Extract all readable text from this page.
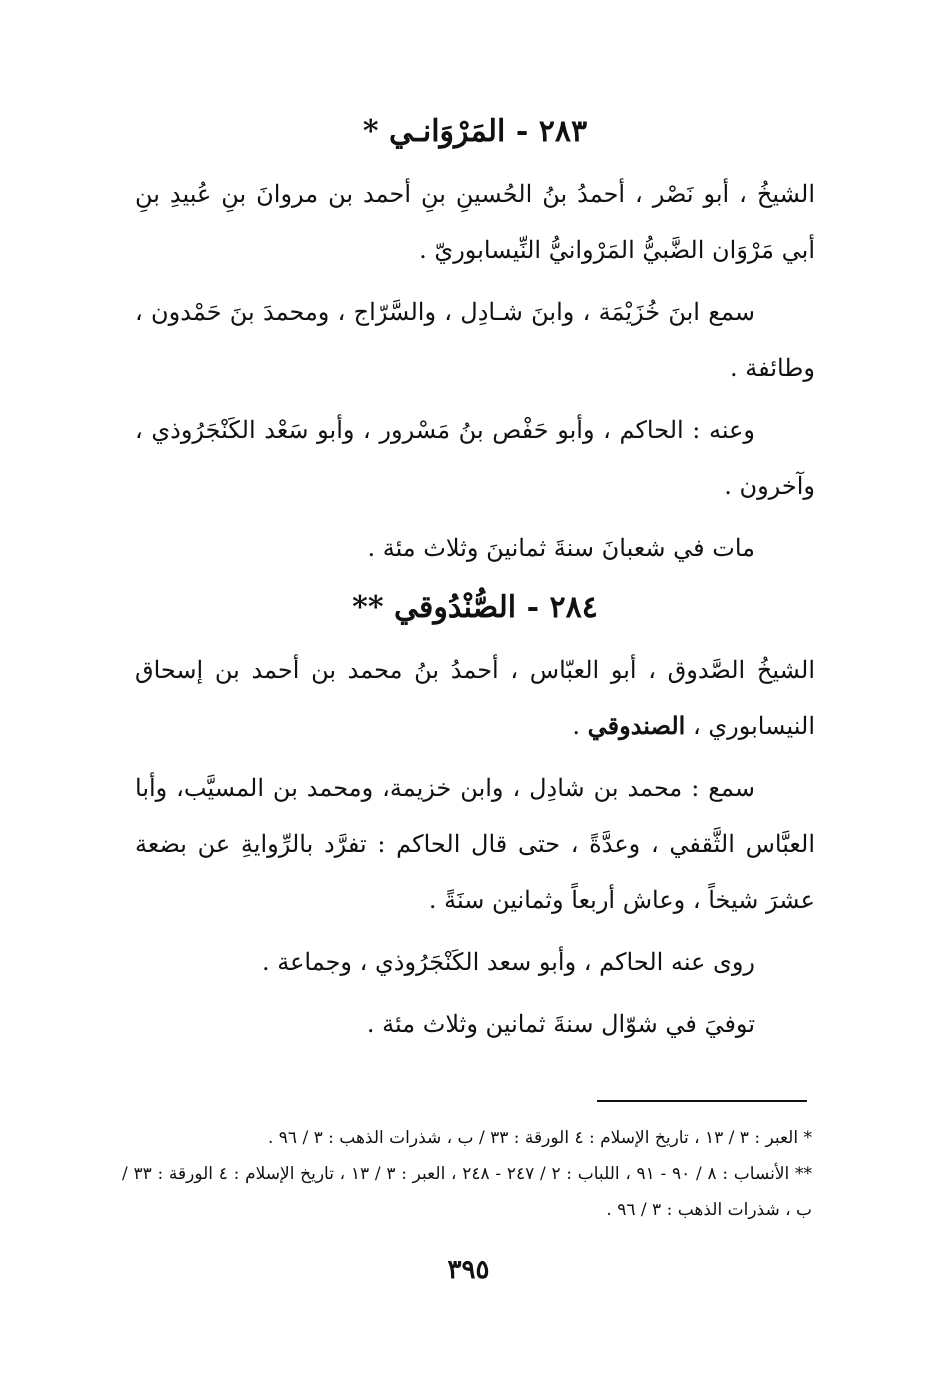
٢٨٣ - المَرْوَانـي *

الشيخُ ، أبو نَصْر ، أحمدُ بنُ الحُسينِ بنِ أحمد بن مروانَ بنِ عُبيدِ بنِ أبي مَرْوَان الضَّبيُّ المَرْوانيُّ النِّيسابوريّ .

سمع ابنَ خُزَيْمَة ، وابنَ شـادِل ، والسَّرّاج ، ومحمدَ بنَ حَمْدون ، وطائفة .

وعنه : الحاكم ، وأبو حَفْص بنُ مَسْرور ، وأبو سَعْد الكَنْجَرُوذي ، وآخرون .

مات في شعبانَ سنةَ ثمانينَ وثلاث مئة .

٢٨٤ - الصُّنْدُوقي **

الشيخُ الصَّدوق ، أبو العبّاس ، أحمدُ بنُ محمد بن أحمد بن إسحاق النيسابوري ، الصندوقي .

سمع : محمد بن شادِل ، وابن خزيمة، ومحمد بن المسيَّب، وأبا العبَّاس الثَّقفي ، وعدَّةً ، حتى قال الحاكم : تفرَّد بالرِّوايةِ عن بضعة عشرَ شيخاً ، وعاش أربعاً وثمانين سنَةً .

روى عنه الحاكم ، وأبو سعد الكَنْجَرُوذي ، وجماعة .

توفيَ في شوّال سنةَ ثمانين وثلاث مئة .

* العبر : ٣ / ١٣ ، تاريخ الإسلام : ٤ الورقة : ٣٣ / ب ، شذرات الذهب : ٣ / ٩٦ .
** الأنساب : ٨ / ٩٠ - ٩١ ، اللباب : ٢ / ٢٤٧ - ٢٤٨ ، العبر : ٣ / ١٣ ، تاريخ الإسلام : ٤ الورقة : ٣٣ / ب ، شذرات الذهب : ٣ / ٩٦ .
٣٩٥
